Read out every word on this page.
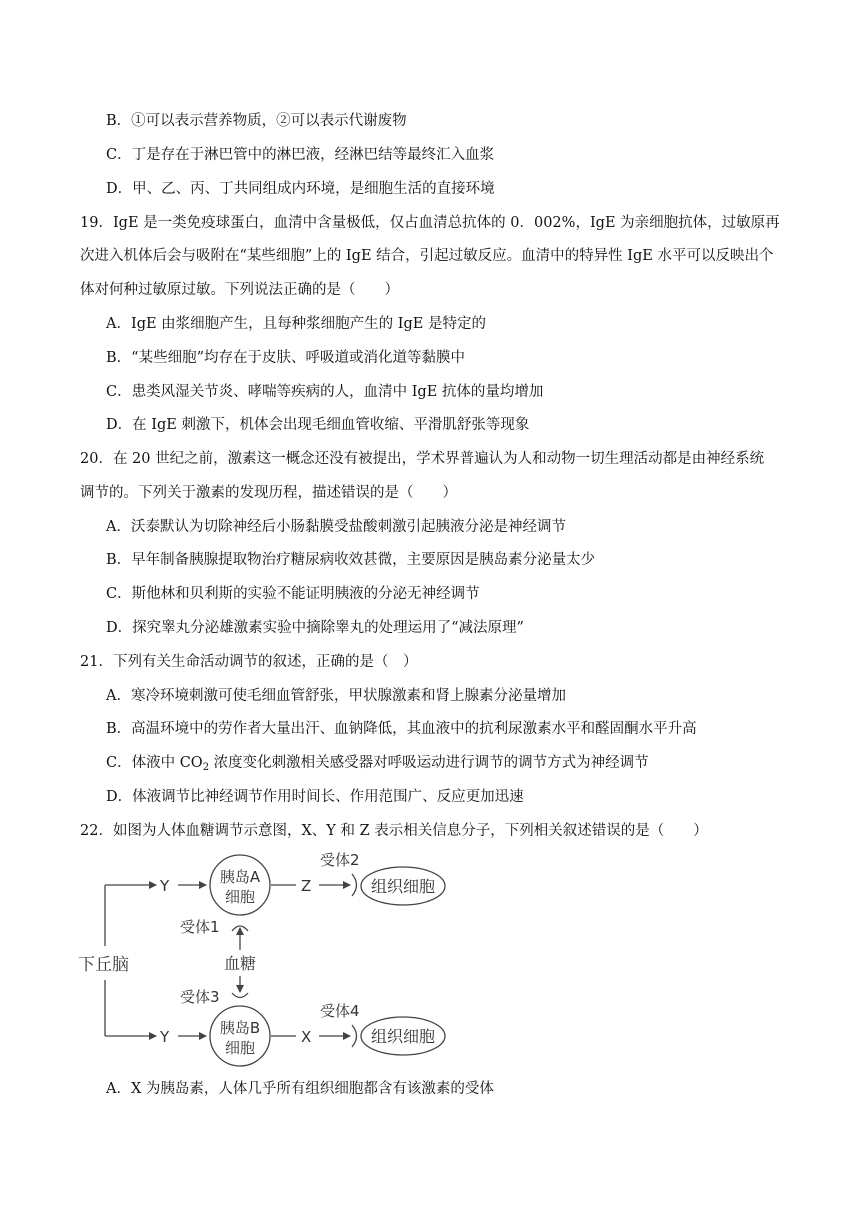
B．①可以表示营养物质，②可以表示代谢废物
C．丁是存在于淋巴管中的淋巴液，经淋巴结等最终汇入血浆
D．甲、乙、丙、丁共同组成内环境，是细胞生活的直接环境
19．IgE 是一类免疫球蛋白，血清中含量极低，仅占血清总抗体的 0．002%，IgE 为亲细胞抗体，过敏原再
次进入机体后会与吸附在“某些细胞”上的 IgE 结合，引起过敏反应。血清中的特异性 IgE 水平可以反映出个
体对何种过敏原过敏。下列说法正确的是（　　）
A．IgE 由浆细胞产生，且每种浆细胞产生的 IgE 是特定的
B．“某些细胞”均存在于皮肤、呼吸道或消化道等黏膜中
C．患类风湿关节炎、哮喘等疾病的人，血清中 IgE 抗体的量均增加
D．在 IgE 刺激下，机体会出现毛细血管收缩、平滑肌舒张等现象
20．在 20 世纪之前，激素这一概念还没有被提出，学术界普遍认为人和动物一切生理活动都是由神经系统
调节的。下列关于激素的发现历程，描述错误的是（　　）
A．沃泰默认为切除神经后小肠黏膜受盐酸刺激引起胰液分泌是神经调节
B．早年制备胰腺提取物治疗糖尿病收效甚微，主要原因是胰岛素分泌量太少
C．斯他林和贝利斯的实验不能证明胰液的分泌无神经调节
D．探究睾丸分泌雄激素实验中摘除睾丸的处理运用了“减法原理”
21．下列有关生命活动调节的叙述，正确的是（　）
A．寒冷环境刺激可使毛细血管舒张，甲状腺激素和肾上腺素分泌量增加
B．高温环境中的劳作者大量出汗、血钠降低，其血液中的抗利尿激素水平和醛固酮水平升高
C．体液中 $CO_2$ 浓度变化刺激相关感受器对呼吸运动进行调节的调节方式为神经调节
D．体液调节比神经调节作用时间长、作用范围广、反应更加迅速
22．如图为人体血糖调节示意图，X、Y 和 Z 表示相关信息分子，下列相关叙述错误的是（　　）
下丘脑
Y
Y
胰岛A
细胞
胰岛B
细胞
Z
X
受体2
受体4
组织细胞
组织细胞
受体1
受体3
血糖
A．X 为胰岛素，人体几乎所有组织细胞都含有该激素的受体
